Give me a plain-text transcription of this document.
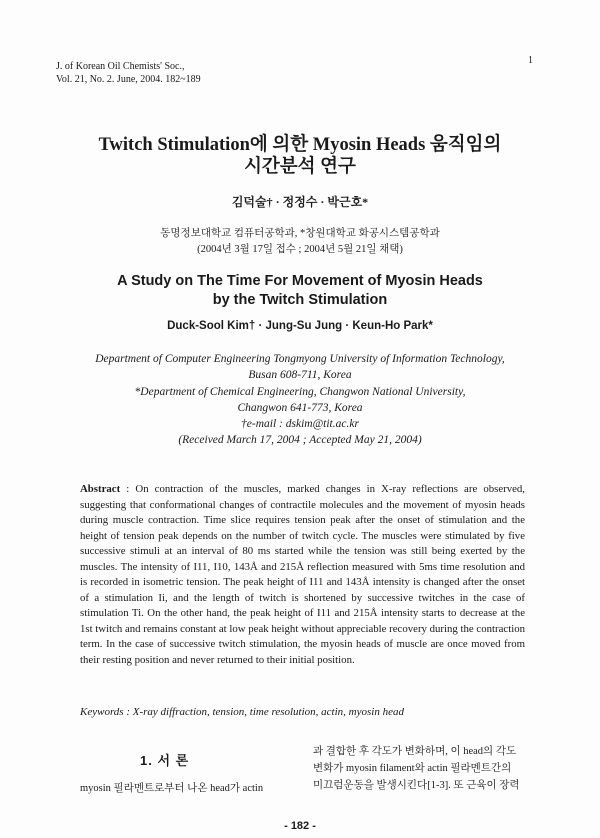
J. of Korean Oil Chemists' Soc.,
Vol. 21, No. 2. June, 2004. 182~189
1
Twitch Stimulation에 의한 Myosin Heads 움직임의
시간분석 연구
김덕술† · 정정수 · 박근호*
동명정보대학교 컴퓨터공학과, *창원대학교 화공시스템공학과
(2004년 3월 17일 접수 ; 2004년 5월 21일 채택)
A Study on The Time For Movement of Myosin Heads
by the Twitch Stimulation
Duck-Sool Kim† · Jung-Su Jung · Keun-Ho Park*
Department of Computer Engineering Tongmyong University of Information Technology,
Busan 608-711, Korea
*Department of Chemical Engineering, Changwon National University,
Changwon 641-773, Korea
†e-mail : dskim@tit.ac.kr
(Received March 17, 2004 ; Accepted May 21, 2004)
Abstract : On contraction of the muscles, marked changes in X-ray reflections are observed, suggesting that conformational changes of contractile molecules and the movement of myosin heads during muscle contraction. Time slice requires tension peak after the onset of stimulation and the height of tension peak depends on the number of twitch cycle. The muscles were stimulated by five successive stimuli at an interval of 80 ms started while the tension was still being exerted by the muscles. The intensity of I11, I10, 143Å and 215Å reflection measured with 5ms time resolution and is recorded in isometric tension. The peak height of I11 and 143Å intensity is changed after the onset of a stimulation Ii, and the length of twitch is shortened by successive twitches in the case of stimulation Ti. On the other hand, the peak height of I11 and 215Å intensity starts to decrease at the 1st twitch and remains constant at low peak height without appreciable recovery during the contraction term. In the case of successive twitch stimulation, the myosin heads of muscle are once moved from their resting position and never returned to their initial position.
Keywords : X-ray diffraction, tension, time resolution, actin, myosin head
1. 서 론
myosin 필라멘트로부터 나온 head가 actin
과 결합한 후 각도가 변화하며, 이 head의 각도
변화가 myosin filament와 actin 필라멘트간의
미끄럼운동을 발생시킨다[1-3]. 또 근육이 장력
- 182 -
